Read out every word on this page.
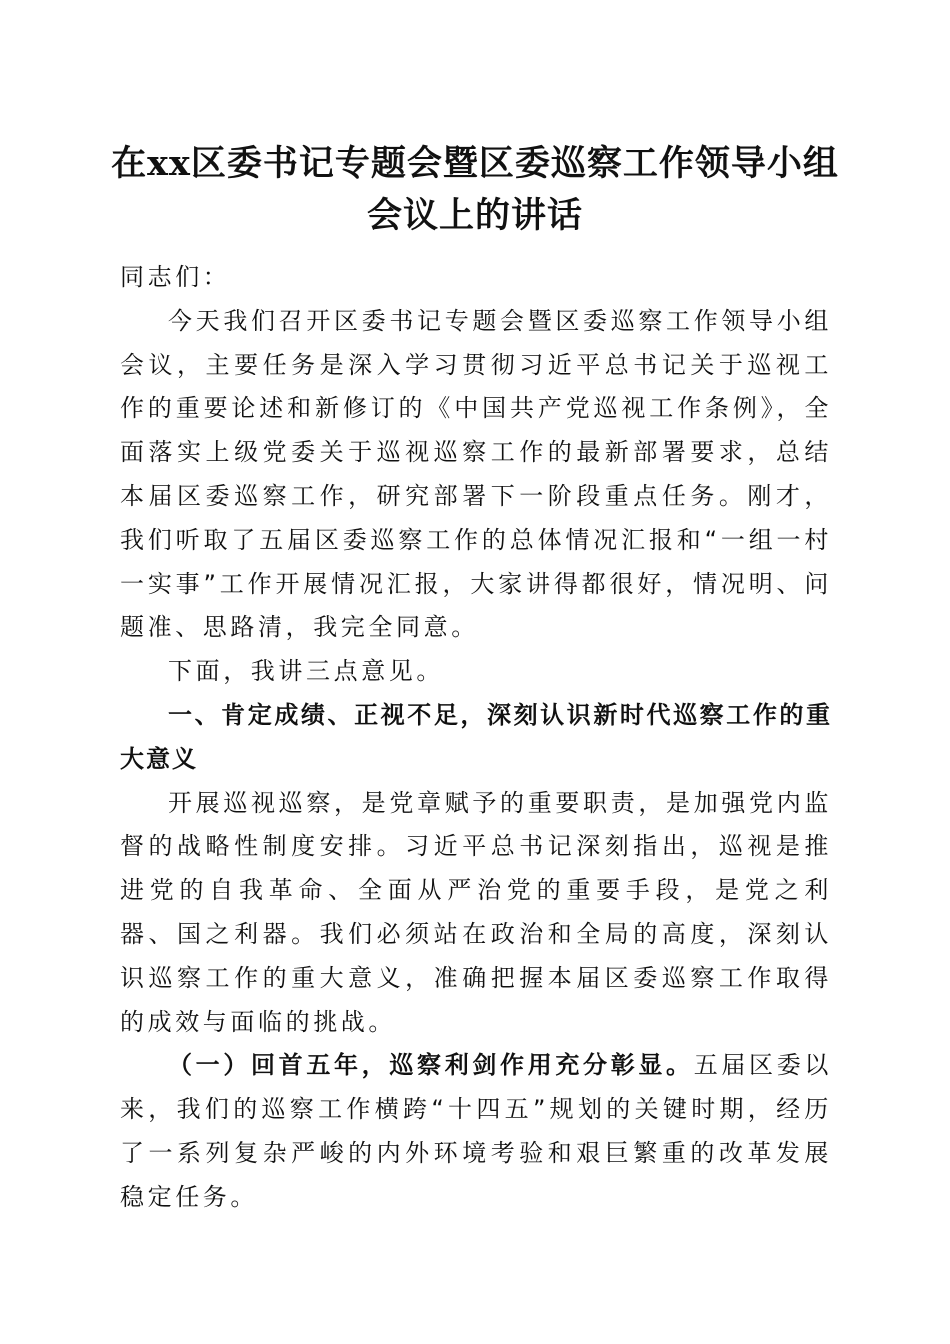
在xx区委书记专题会暨区委巡察工作领导小组会议上的讲话

同志们：

今天我们召开区委书记专题会暨区委巡察工作领导小组会议，主要任务是深入学习贯彻习近平总书记关于巡视工作的重要论述和新修订的《中国共产党巡视工作条例》，全面落实上级党委关于巡视巡察工作的最新部署要求，总结本届区委巡察工作，研究部署下一阶段重点任务。刚才，我们听取了五届区委巡察工作的总体情况汇报和“一组一村一实事”工作开展情况汇报，大家讲得都很好，情况明、问题准、思路清，我完全同意。

下面，我讲三点意见。

一、肯定成绩、正视不足，深刻认识新时代巡察工作的重大意义

开展巡视巡察，是党章赋予的重要职责，是加强党内监督的战略性制度安排。习近平总书记深刻指出，巡视是推进党的自我革命、全面从严治党的重要手段，是党之利器、国之利器。我们必须站在政治和全局的高度，深刻认识巡察工作的重大意义，准确把握本届区委巡察工作取得的成效与面临的挑战。

（一）回首五年，巡察利剑作用充分彰显。五届区委以来，我们的巡察工作横跨“十四五”规划的关键时期，经历了一系列复杂严峻的内外环境考验和艰巨繁重的改革发展稳定任务。
